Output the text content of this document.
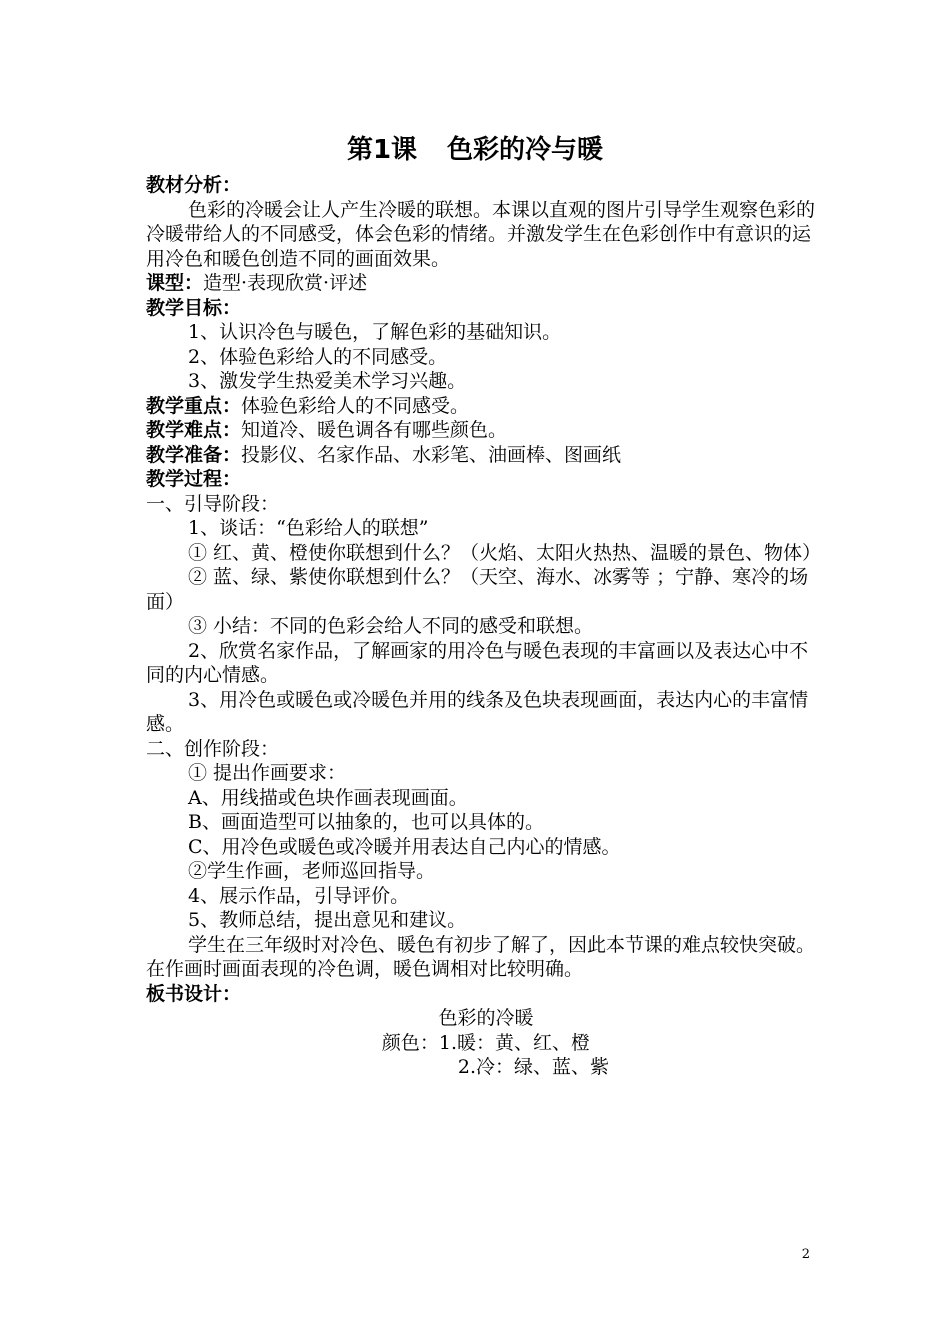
第1课 色彩的冷与暖

教材分析：

色彩的冷暖会让人产生冷暖的联想。本课以直观的图片引导学生观察色彩的冷暖带给人的不同感受，体会色彩的情绪。并激发学生在色彩创作中有意识的运用冷色和暖色创造不同的画面效果。

课型：造型·表现欣赏·评述

教学目标：

1、认识冷色与暖色，了解色彩的基础知识。

2、体验色彩给人的不同感受。

3、激发学生热爱美术学习兴趣。

教学重点：体验色彩给人的不同感受。

教学难点：知道冷、暖色调各有哪些颜色。

教学准备：投影仪、名家作品、水彩笔、油画棒、图画纸

教学过程：

一、引导阶段：

1、谈话：“色彩给人的联想”

① 红、黄、橙使你联想到什么？（火焰、太阳火热热、温暖的景色、物体）

② 蓝、绿、紫使你联想到什么？（天空、海水、冰雾等 ；宁静、寒冷的场面）

③ 小结：不同的色彩会给人不同的感受和联想。

2、欣赏名家作品，了解画家的用冷色与暖色表现的丰富画以及表达心中不同的内心情感。

3、用冷色或暖色或冷暖色并用的线条及色块表现画面，表达内心的丰富情感。

二、创作阶段：

① 提出作画要求：

A、用线描或色块作画表现画面。

B、画面造型可以抽象的，也可以具体的。

C、用冷色或暖色或冷暖并用表达自己内心的情感。

②学生作画，老师巡回指导。

4、展示作品，引导评价。

5、教师总结，提出意见和建议。

学生在三年级时对冷色、暖色有初步了解了，因此本节课的难点较快突破。在作画时画面表现的冷色调，暖色调相对比较明确。

板书设计：

色彩的冷暖

颜色：1.暖：黄、红、橙

2.冷：绿、蓝、紫

2
